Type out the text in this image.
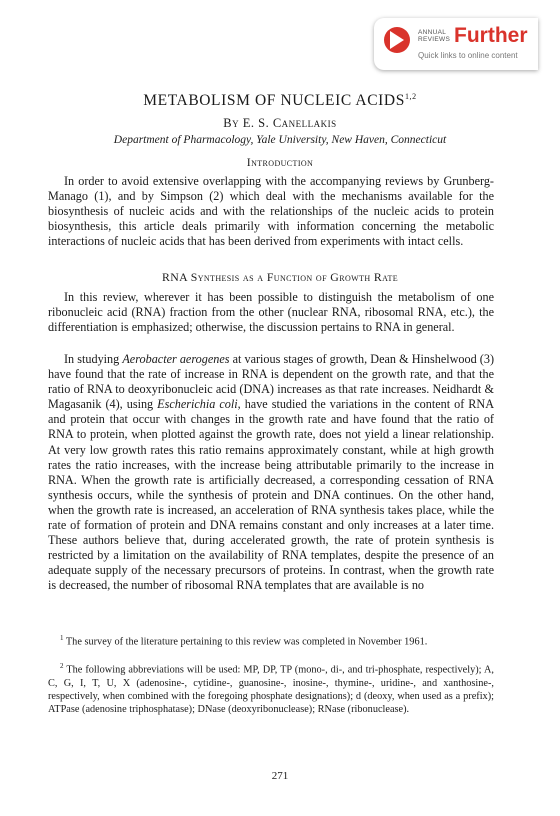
ANNUAL
REVIEWS Further
Quick links to online content
METABOLISM OF NUCLEIC ACIDS$^{1,2}$
By E. S. Canellakis
Department of Pharmacology, Yale University, New Haven, Connecticut
Introduction

In order to avoid extensive overlapping with the accompanying reviews by Grunberg-Manago (1), and by Simpson (2) which deal with the mechanisms available for the biosynthesis of nucleic acids and with the relationships of the nucleic acids to protein biosynthesis, this article deals primarily with information concerning the metabolic interactions of nucleic acids that has been derived from experiments with intact cells.

RNA Synthesis as a Function of Growth Rate

In this review, wherever it has been possible to distinguish the metabolism of one ribonucleic acid (RNA) fraction from the other (nuclear RNA, ribosomal RNA, etc.), the differentiation is emphasized; otherwise, the discussion pertains to RNA in general.

In studying Aerobacter aerogenes at various stages of growth, Dean & Hinshelwood (3) have found that the rate of increase in RNA is dependent on the growth rate, and that the ratio of RNA to deoxyribonucleic acid (DNA) increases as that rate increases. Neidhardt & Magasanik (4), using Escherichia coli, have studied the variations in the content of RNA and protein that occur with changes in the growth rate and have found that the ratio of RNA to protein, when plotted against the growth rate, does not yield a linear relationship. At very low growth rates this ratio remains approximately constant, while at high growth rates the ratio increases, with the increase being attributable primarily to the increase in RNA. When the growth rate is artificially decreased, a corresponding cessation of RNA synthesis occurs, while the synthesis of protein and DNA continues. On the other hand, when the growth rate is increased, an acceleration of RNA synthesis takes place, while the rate of formation of protein and DNA remains constant and only increases at a later time. These authors believe that, during accelerated growth, the rate of protein synthesis is restricted by a limitation on the availability of RNA templates, despite the presence of an adequate supply of the necessary precursors of proteins. In contrast, when the growth rate is decreased, the number of ribosomal RNA templates that are available is no

$^1$ The survey of the literature pertaining to this review was completed in November 1961.

$^2$ The following abbreviations will be used: MP, DP, TP (mono-, di-, and tri-phosphate, respectively); A, C, G, I, T, U, X (adenosine-, cytidine-, guanosine-, inosine-, thymine-, uridine-, and xanthosine-, respectively, when combined with the foregoing phosphate designations); d (deoxy, when used as a prefix); ATPase (adenosine triphosphatase); DNase (deoxyribonuclease); RNase (ribonuclease).

271
